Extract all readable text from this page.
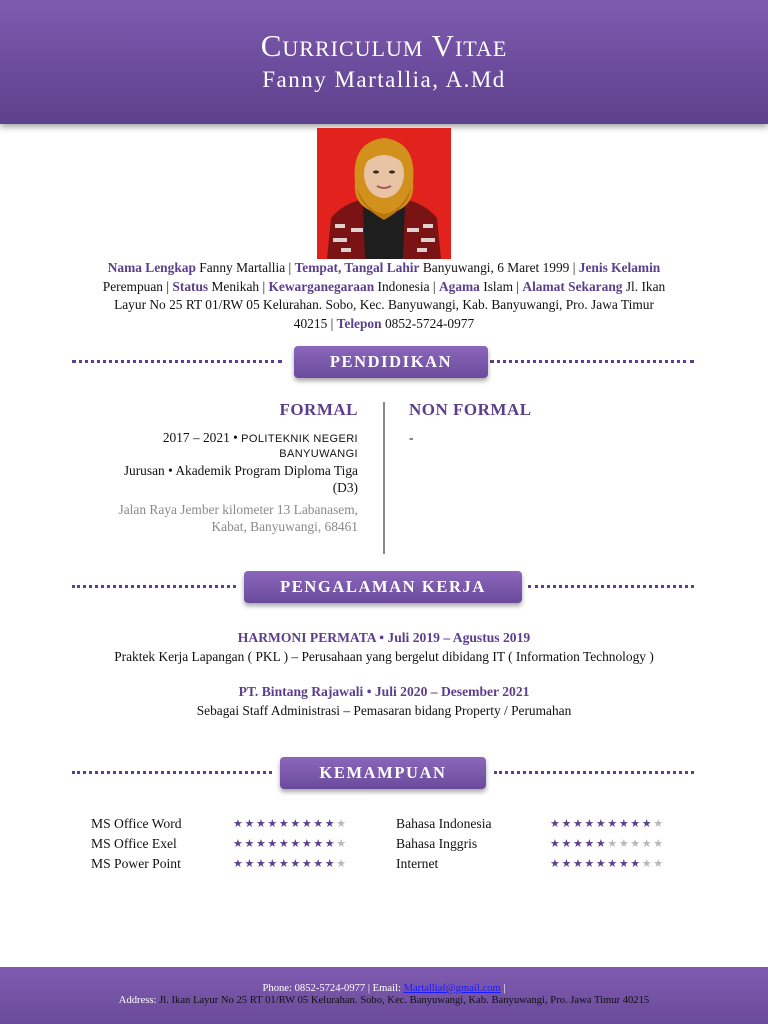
Curriculum Vitae
Fanny Martallia, A.Md
Nama Lengkap Fanny Martallia | Tempat, Tangal Lahir Banyuwangi, 6 Maret 1999 | Jenis Kelamin Perempuan | Status Menikah | Kewarganegaraan Indonesia | Agama Islam | Alamat Sekarang Jl. Ikan Layur No 25 RT 01/RW 05 Kelurahan. Sobo, Kec. Banyuwangi, Kab. Banyuwangi, Pro. Jawa Timur 40215 | Telepon 0852-5724-0977
PENDIDIKAN
FORMAL	NON FORMAL
2017 – 2021 • POLITEKNIK NEGERI
BANYUWANGI
Jurusan • Akademik Program Diploma Tiga
(D3)
Jalan Raya Jember kilometer 13 Labanasem,
Kabat, Banyuwangi, 68461
-
PENGALAMAN KERJA
HARMONI PERMATA • Juli 2019 – Agustus 2019
Praktek Kerja Lapangan ( PKL ) – Perusahaan yang bergelut dibidang IT ( Information Technology )
PT. Bintang Rajawali • Juli 2020 – Desember 2021
Sebagai Staff Administrasi – Pemasaran bidang Property / Perumahan
KEMAMPUAN
MS Office Word
MS Office Exel
MS Power Point
★★★★★★★★★★
★★★★★★★★★★
★★★★★★★★★★
Bahasa Indonesia
Bahasa Inggris
Internet
★★★★★★★★★★
★★★★★★★★★★
★★★★★★★★★★
Phone: 0852-5724-0977 | Email: Martalliaf@gmail.com |
Address: Jl. Ikan Layur No 25 RT 01/RW 05 Kelurahan. Sobo, Kec. Banyuwangi, Kab. Banyuwangi, Pro. Jawa Timur 40215
